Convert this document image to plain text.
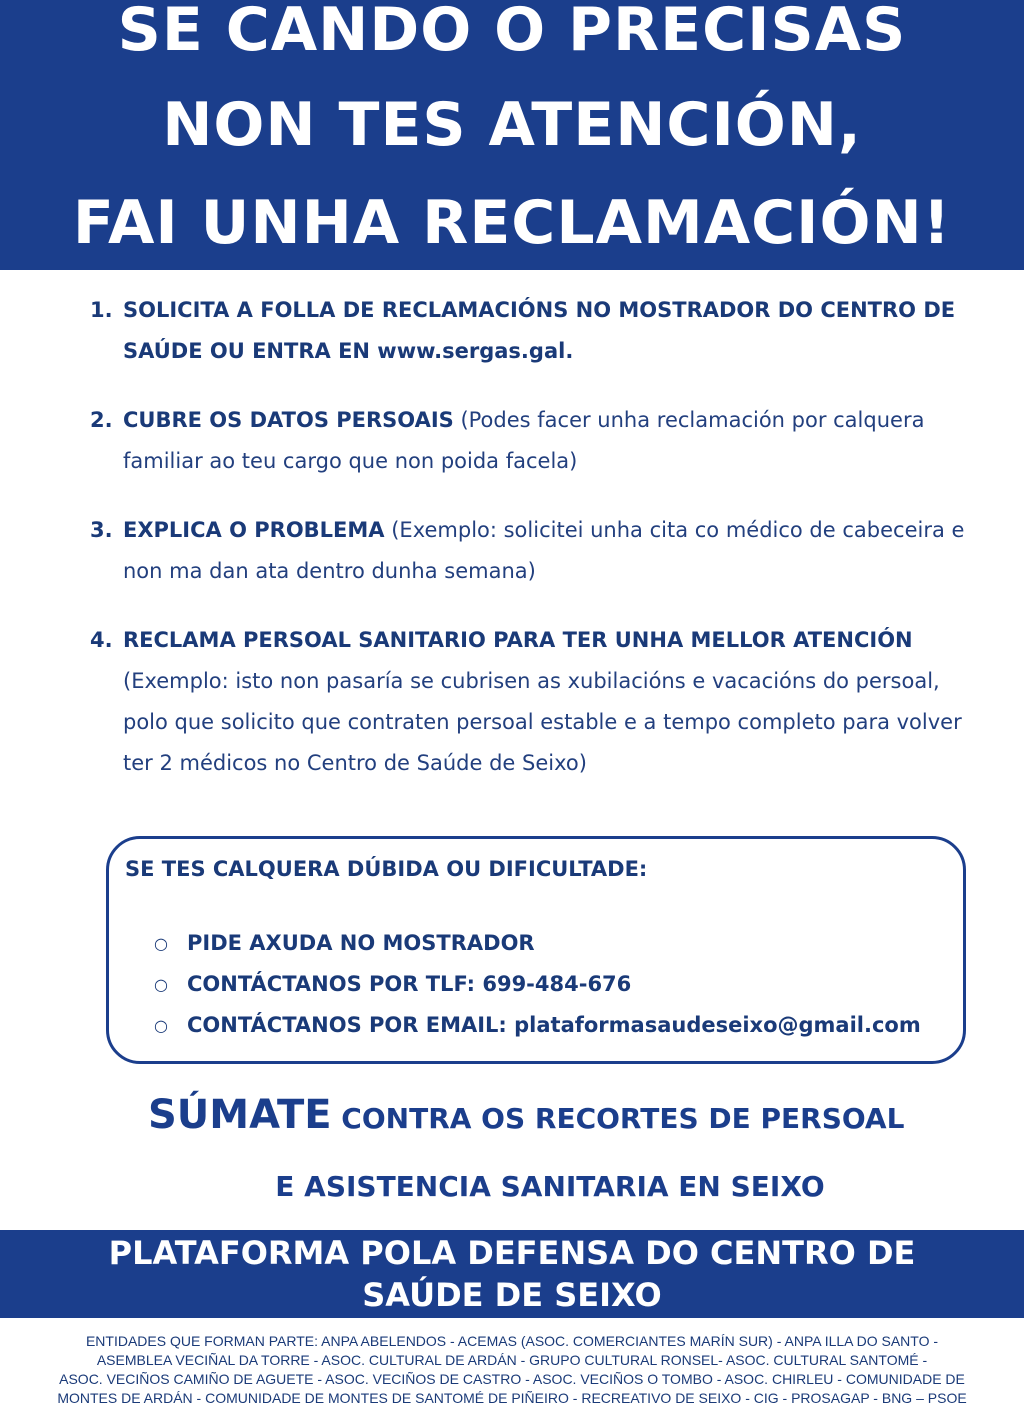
SE CANDO O PRECISAS
NON TES ATENCIÓN,
FAI UNHA RECLAMACIÓN!
1. SOLICITA A FOLLA DE RECLAMACIÓNS NO MOSTRADOR DO CENTRO DE SAÚDE OU ENTRA EN www.sergas.gal.
2. CUBRE OS DATOS PERSOAIS (Podes facer unha reclamación por calquera familiar ao teu cargo que non poida facela)
3. EXPLICA O PROBLEMA (Exemplo: solicitei unha cita co médico de cabeceira e non ma dan ata dentro dunha semana)
4. RECLAMA PERSOAL SANITARIO PARA TER UNHA MELLOR ATENCIÓN (Exemplo: isto non pasaría se cubrisen as xubilacións e vacacións do persoal, polo que solicito que contraten persoal estable e a tempo completo para volver ter 2 médicos no Centro de Saúde de Seixo)
SE TES CALQUERA DÚBIDA OU DIFICULTADE:
○ PIDE AXUDA NO MOSTRADOR
○ CONTÁCTANOS POR TLF: 699-484-676
○ CONTÁCTANOS POR EMAIL: plataformasaudeseixo@gmail.com
SÚMATE CONTRA OS RECORTES DE PERSOAL
E ASISTENCIA SANITARIA EN SEIXO
PLATAFORMA POLA DEFENSA DO CENTRO DE
SAÚDE DE SEIXO
ENTIDADES QUE FORMAN PARTE: ANPA ABELENDOS - ACEMAS (ASOC. COMERCIANTES MARÍN SUR) - ANPA ILLA DO SANTO -
ASEMBLEA VECIÑAL DA TORRE - ASOC. CULTURAL DE ARDÁN - GRUPO CULTURAL RONSEL- ASOC. CULTURAL SANTOMÉ -
ASOC. VECIÑOS CAMIÑO DE AGUETE - ASOC. VECIÑOS DE CASTRO - ASOC. VECIÑOS O TOMBO - ASOC. CHIRLEU - COMUNIDADE DE
MONTES DE ARDÁN - COMUNIDADE DE MONTES DE SANTOMÉ DE PIÑEIRO - RECREATIVO DE SEIXO - CIG - PROSAGAP - BNG – PSOE
